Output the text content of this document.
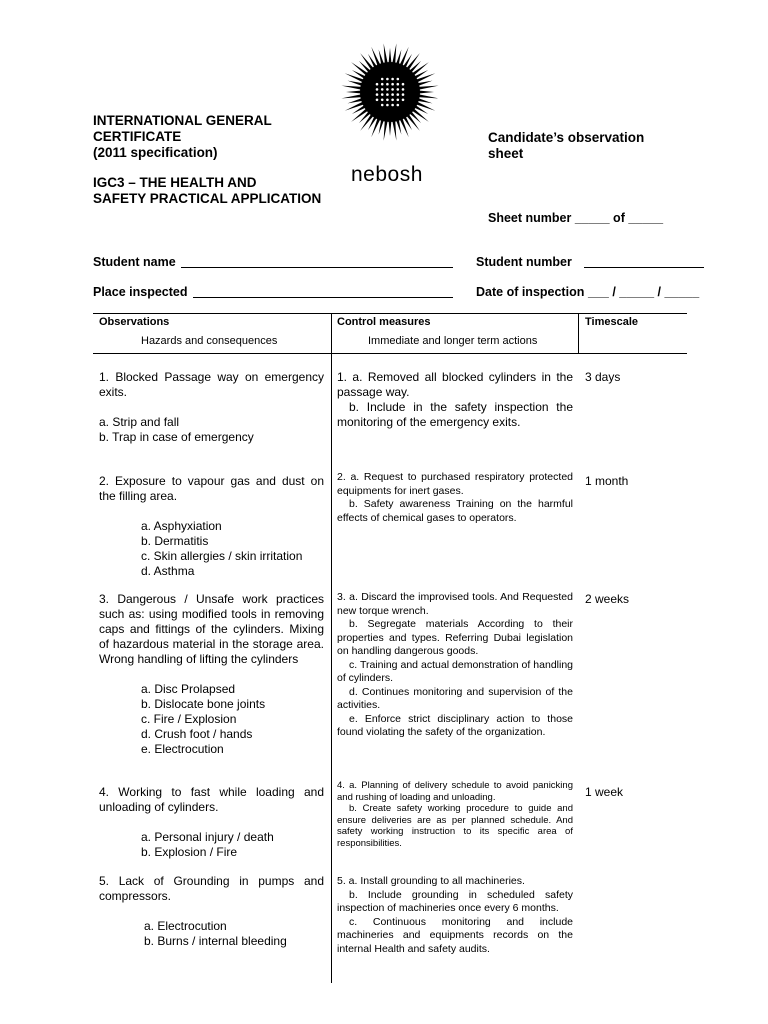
INTERNATIONAL GENERAL
CERTIFICATE
(2011 specification)
IGC3 – THE HEALTH AND
SAFETY PRACTICAL APPLICATION
nebosh
Candidate’s observation
sheet
Sheet number _____ of _____
Student name	Student number
Place inspected	Date of inspection ___ / _____ / _____
Observations
Hazards and consequences
Control measures
Immediate and longer term actions
Timescale
1. Blocked Passage way on emergency exits.
a. Strip and fall
b. Trap in case of emergency
1. a. Removed all blocked cylinders in the passage way.
b. Include in the safety inspection the monitoring of the emergency exits.
3 days
2. Exposure to vapour gas and dust on the filling area.
a. Asphyxiation
b. Dermatitis
c. Skin allergies / skin irritation
d. Asthma
2. a. Request to purchased respiratory protected equipments for inert gases.
b. Safety awareness Training on the harmful effects of chemical gases to operators.
1 month
3. Dangerous / Unsafe work practices such as: using modified tools in removing caps and fittings of the cylinders. Mixing of hazardous material in the storage area. Wrong handling of lifting the cylinders
a. Disc Prolapsed
b. Dislocate bone joints
c. Fire / Explosion
d. Crush foot / hands
e. Electrocution
3. a. Discard the improvised tools. And Requested new torque wrench.
b. Segregate materials According to their properties and types. Referring Dubai legislation on handling dangerous goods.
c. Training and actual demonstration of handling of cylinders.
d. Continues monitoring and supervision of the activities.
e. Enforce strict disciplinary action to those found violating the safety of the organization.
2 weeks
4. Working to fast while loading and unloading of cylinders.
a. Personal injury / death
b. Explosion / Fire
4. a. Planning of delivery schedule to avoid panicking and rushing of loading and unloading.
b. Create safety working procedure to guide and ensure deliveries are as per planned schedule. And safety working instruction to its specific area of responsibilities.
1 week
5. Lack of Grounding in pumps and compressors.
a. Electrocution
b. Burns / internal bleeding
5. a. Install grounding to all machineries.
b. Include grounding in scheduled safety inspection of machineries once every 6 months.
c. Continuous monitoring and include machineries and equipments records on the internal Health and safety audits.
